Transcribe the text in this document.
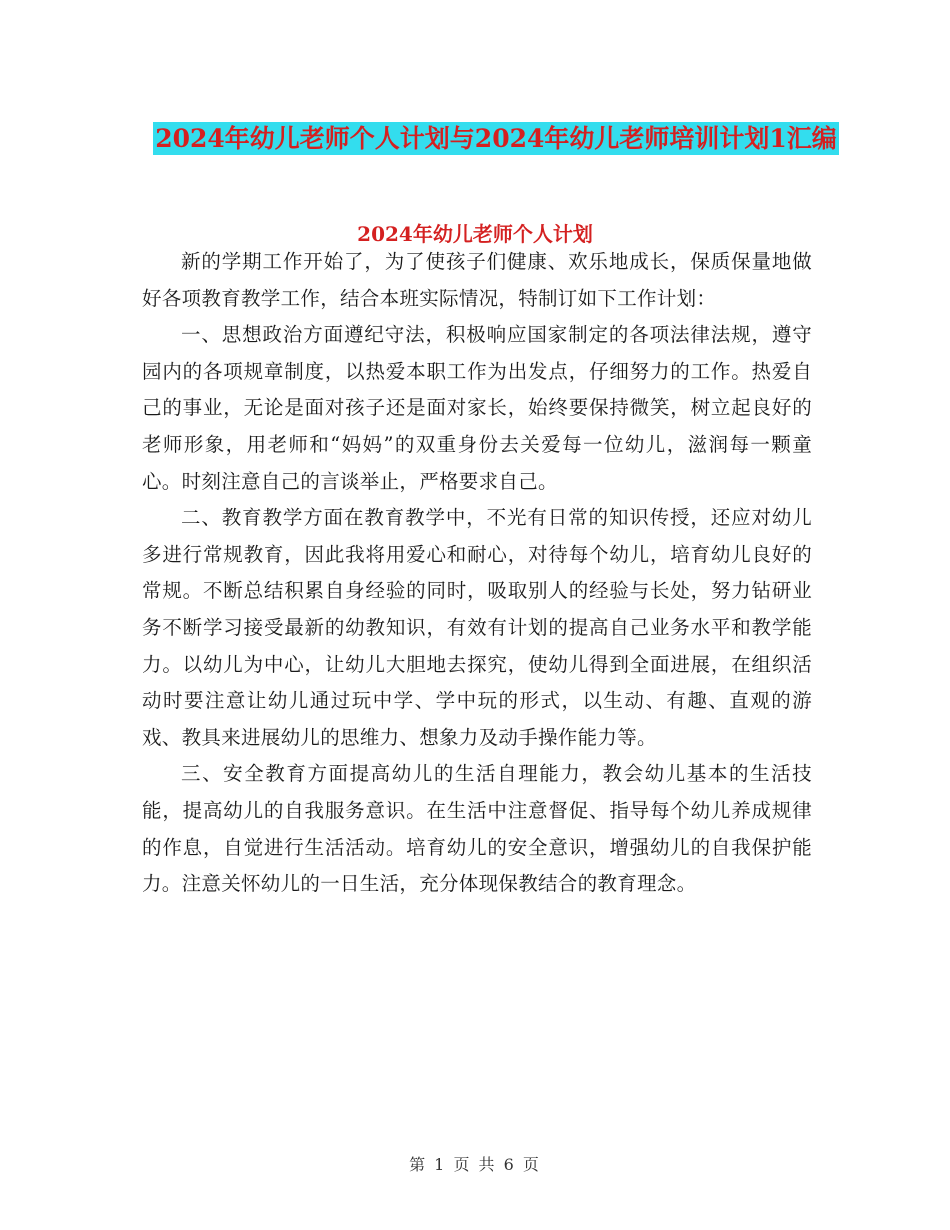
2024年幼儿老师个人计划与2024年幼儿老师培训计划1汇编
2024年幼儿老师个人计划

新的学期工作开始了，为了使孩子们健康、欢乐地成长，保质保量地做好各项教育教学工作，结合本班实际情况，特制订如下工作计划：

一、思想政治方面遵纪守法，积极响应国家制定的各项法律法规，遵守园内的各项规章制度，以热爱本职工作为出发点，仔细努力的工作。热爱自己的事业，无论是面对孩子还是面对家长，始终要保持微笑，树立起良好的老师形象，用老师和“妈妈”的双重身份去关爱每一位幼儿，滋润每一颗童心。时刻注意自己的言谈举止，严格要求自己。

二、教育教学方面在教育教学中，不光有日常的知识传授，还应对幼儿多进行常规教育，因此我将用爱心和耐心，对待每个幼儿，培育幼儿良好的常规。不断总结积累自身经验的同时，吸取别人的经验与长处，努力钻研业务不断学习接受最新的幼教知识，有效有计划的提高自己业务水平和教学能力。以幼儿为中心，让幼儿大胆地去探究，使幼儿得到全面进展，在组织活动时要注意让幼儿通过玩中学、学中玩的形式，以生动、有趣、直观的游戏、教具来进展幼儿的思维力、想象力及动手操作能力等。

三、安全教育方面提高幼儿的生活自理能力，教会幼儿基本的生活技能，提高幼儿的自我服务意识。在生活中注意督促、指导每个幼儿养成规律的作息，自觉进行生活活动。培育幼儿的安全意识，增强幼儿的自我保护能力。注意关怀幼儿的一日生活，充分体现保教结合的教育理念。

第 1 页 共 6 页
